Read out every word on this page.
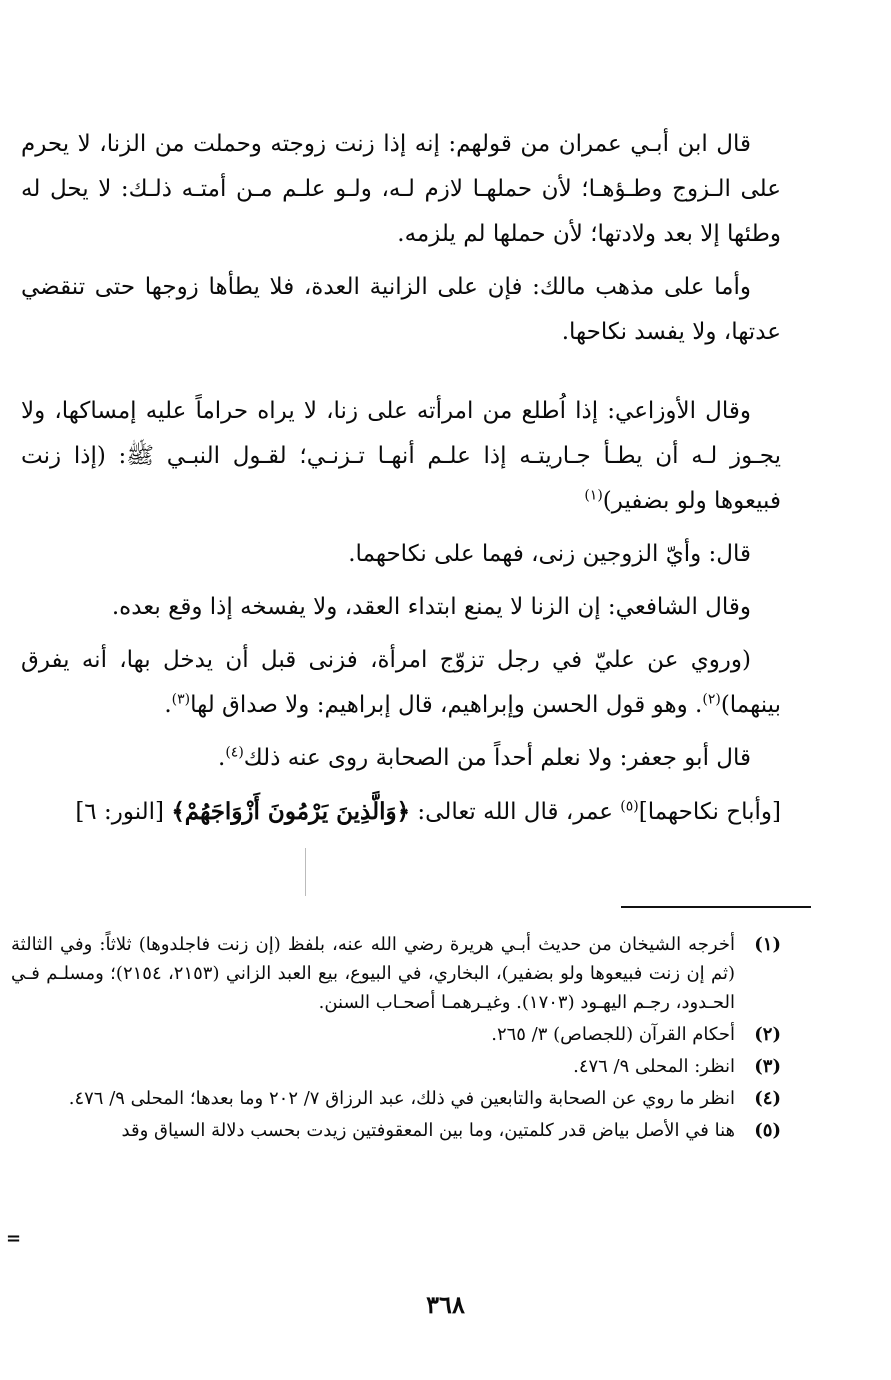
قال ابن أبـي عمران من قولهم: إنه إذا زنت زوجته وحملت من الزنا، لا يحرم على الـزوج وطـؤهـا؛ لأن حملهـا لازم لـه، ولـو علـم مـن أمتـه ذلـك: لا يحل له وطئها إلا بعد ولادتها؛ لأن حملها لم يلزمه.

وأما على مذهب مالك: فإن على الزانية العدة، فلا يطأها زوجها حتى تنقضي عدتها، ولا يفسد نكاحها.

وقال الأوزاعي: إذا اُطلع من امرأته على زنا، لا يراه حراماً عليه إمساكها، ولا يجـوز لـه أن يطـأ جـاريتـه إذا علـم أنهـا تـزنـي؛ لقـول النبـي ﷺ: (إذا زنت فبيعوها ولو بضفير)$^{(١)}$

قال: وأيّ الزوجين زنى، فهما على نكاحهما.

وقال الشافعي: إن الزنا لا يمنع ابتداء العقد، ولا يفسخه إذا وقع بعده.

(وروي عن عليّ في رجل تزوّج امرأة، فزنى قبل أن يدخل بها، أنه يفرق بينهما)$^{(٢)}$. وهو قول الحسن وإبراهيم، قال إبراهيم: ولا صداق لها$^{(٣)}$.

قال أبو جعفر: ولا نعلم أحداً من الصحابة روى عنه ذلك$^{(٤)}$.

[وأباح نكاحهما]$^{(٥)}$ عمر، قال الله تعالى: ﴿وَالَّذِينَ يَرْمُونَ أَزْوَاجَهُمْ﴾ [النور: ٦]

(١)
أخرجه الشيخان من حديث أبـي هريرة رضي الله عنه، بلفظ (إن زنت فاجلدوها) ثلاثاً: وفي الثالثة (ثم إن زنت فبيعوها ولو بضفير)، البخاري، في البيوع، بيع العبد الزاني (٢١٥٣، ٢١٥٤)؛ ومسلـم فـي الحـدود، رجـم اليهـود (١٧٠٣). وغيـرهمـا أصحـاب السنن.
(٢)
أحكام القرآن (للجصاص) ٣/ ٢٦٥.
(٣)
انظر: المحلى ٩/ ٤٧٦.
(٤)
انظر ما روي عن الصحابة والتابعين في ذلك، عبد الرزاق ٧/ ٢٠٢ وما بعدها؛ المحلى ٩/ ٤٧٦.
(٥)
هنا في الأصل بياض قدر كلمتين، وما بين المعقوفتين زيدت بحسب دلالة السياق وقد
=
٣٦٨
